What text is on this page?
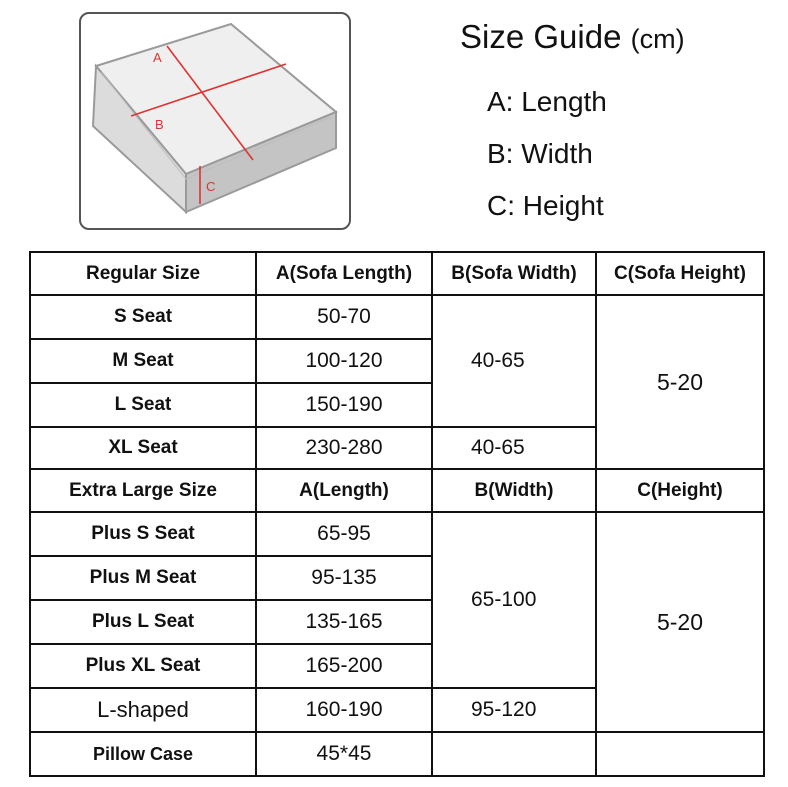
A
B
C
Size Guide (cm)
A: Length
B: Width
C: Height
Regular Size	A(Sofa Length)	B(Sofa Width)	C(Sofa Height)
S Seat	50-70	40-65	5-20
M Seat	100-120		
L Seat	150-190		
XL Seat	230-280	40-65	
Extra Large Size	A(Length)	B(Width)	C(Height)
Plus S Seat	65-95	65-100	5-20
Plus M Seat	95-135		
Plus L Seat	135-165		
Plus XL Seat	165-200		
L-shaped	160-190	95-120	
Pillow Case	45*45		
